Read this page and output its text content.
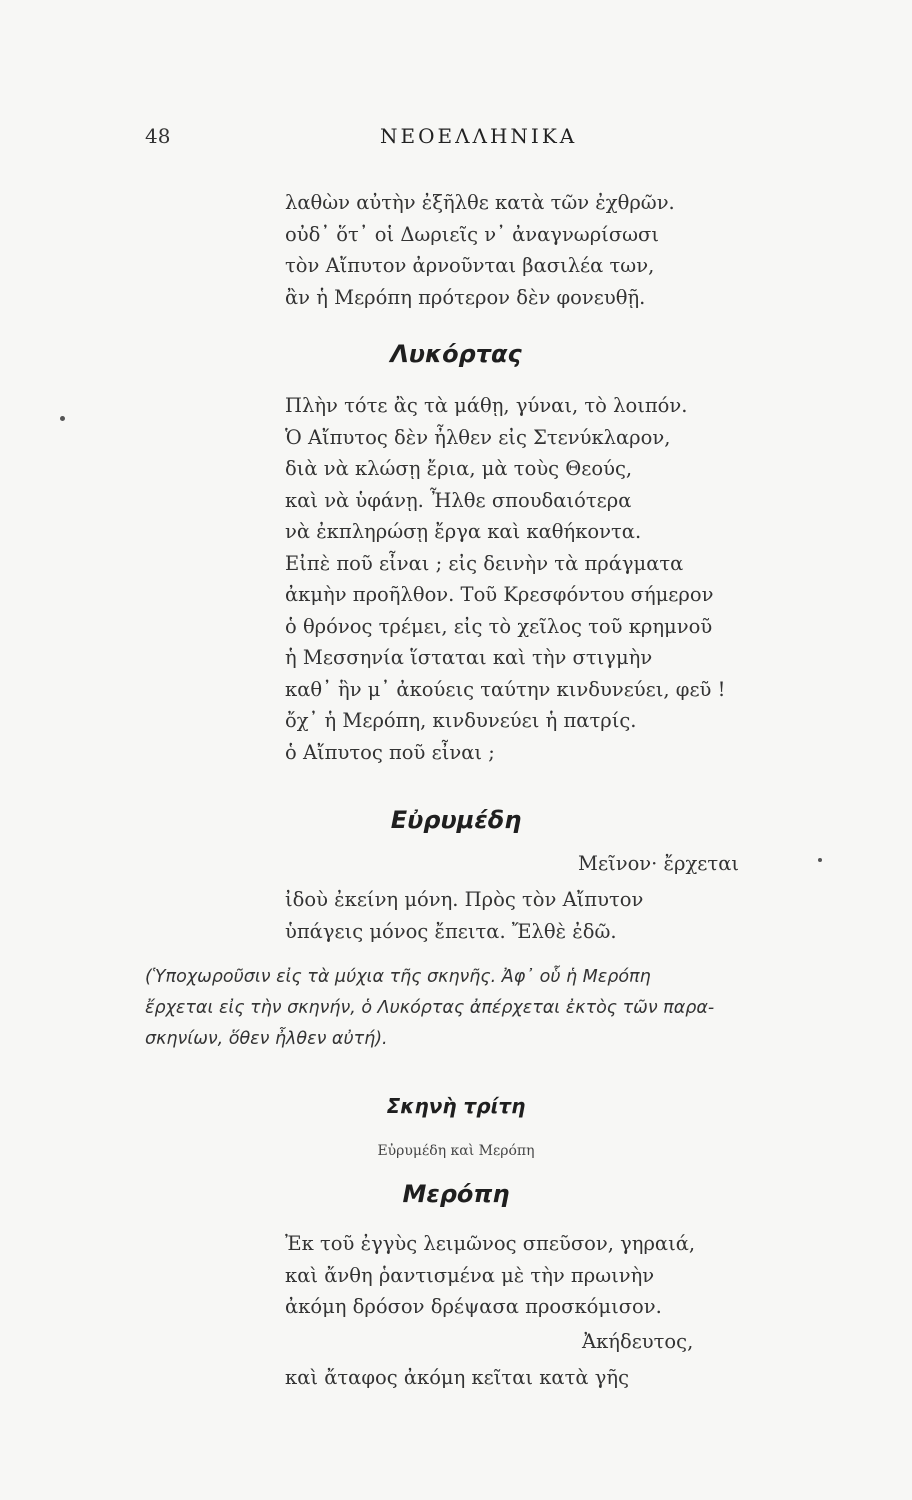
48	ΝΕΟΕΛΛΗΝΙΚΑ
λαθὼν αὐτὴν ἐξῆλθε κατὰ τῶν ἐχθρῶν.
οὐδ᾽ ὅτ᾽ οἱ Δωριεῖς ν᾽ ἀναγνωρίσωσι
τὸν Αἴπυτον ἀρνοῦνται βασιλέα των,
ἂν ἡ Μερόπη πρότερον δὲν φονευθῇ.
Λυκόρτας
Πλὴν τότε ἂς τὰ μάθῃ, γύναι, τὸ λοιπόν.
Ὁ Αἴπυτος δὲν ἦλθεν εἰς Στενύκλαρον,
διὰ νὰ κλώσῃ ἔρια, μὰ τοὺς Θεούς,
καὶ νὰ ὑφάνῃ. Ἦλθε σπουδαιότερα
νὰ ἐκπληρώσῃ ἔργα καὶ καθήκοντα.
Εἰπὲ ποῦ εἶναι ; εἰς δεινὴν τὰ πράγματα
ἀκμὴν προῆλθον. Τοῦ Κρεσφόντου σήμερον
ὁ θρόνος τρέμει, εἰς τὸ χεῖλος τοῦ κρημνοῦ
ἡ Μεσσηνία ἵσταται καὶ τὴν στιγμὴν
καθ᾽ ἣν μ᾽ ἀκούεις ταύτην κινδυνεύει, φεῦ !
ὄχ᾽ ἡ Μερόπη, κινδυνεύει ἡ πατρίς.
ὁ Αἴπυτος ποῦ εἶναι ;
Εὐρυμέδη
Μεῖνον· ἔρχεται
ἰδοὺ ἐκείνη μόνη. Πρὸς τὸν Αἴπυτον
ὑπάγεις μόνος ἔπειτα. Ἔλθὲ ἐδῶ.
(Ὑποχωροῦσιν εἰς τὰ μύχια τῆς σκηνῆς. Ἀφ᾽ οὗ ἡ Μερόπη
ἔρχεται εἰς τὴν σκηνήν, ὁ Λυκόρτας ἀπέρχεται ἐκτὸς τῶν παρα-
σκηνίων, ὅθεν ἦλθεν αὐτή).
Σκηνὴ τρίτη
Εὐρυμέδη καὶ Μερόπη
Μερόπη
Ἐκ τοῦ ἐγγὺς λειμῶνος σπεῦσον, γηραιά,
καὶ ἄνθη ῥαντισμένα μὲ τὴν πρωινὴν
ἀκόμη δρόσον δρέψασα προσκόμισον.
Ἀκήδευτος,
καὶ ἄταφος ἀκόμη κεῖται κατὰ γῆς
